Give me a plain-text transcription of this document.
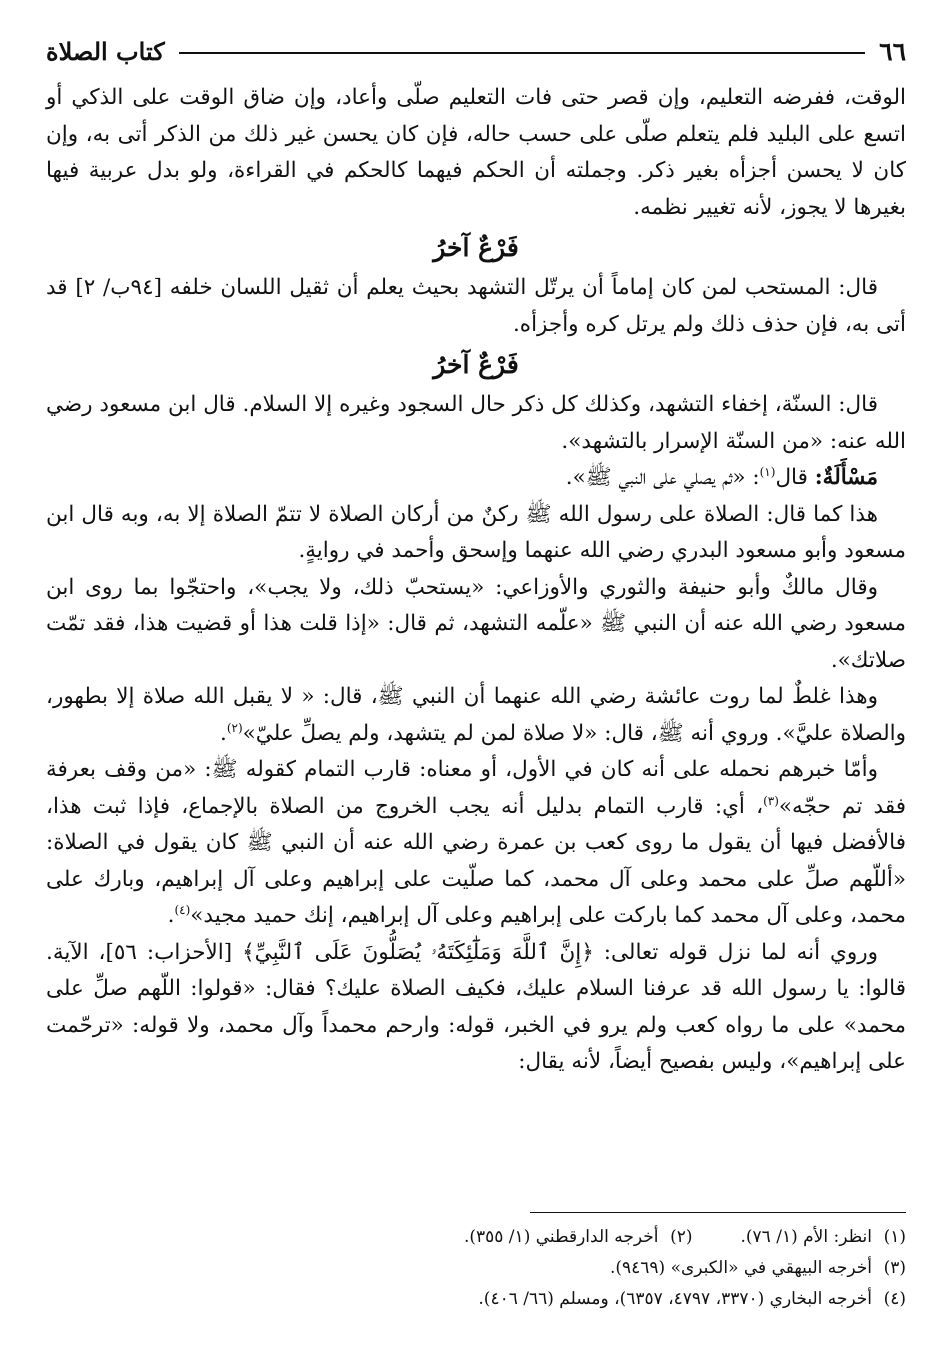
٦٦
كتاب الصلاة

الوقت، ففرضه التعليم، وإن قصر حتى فات التعليم صلّى وأعاد، وإن ضاق الوقت على الذكي أو اتسع على البليد فلم يتعلم صلّى على حسب حاله، فإن كان يحسن غير ذلك من الذكر أتى به، وإن كان لا يحسن أجزأه بغير ذكر. وجملته أن الحكم فيهما كالحكم في القراءة، ولو بدل عربية فيها بغيرها لا يجوز، لأنه تغيير نظمه.

فَرْعٌ آخرُ

قال: المستحب لمن كان إماماً أن يرتّل التشهد بحيث يعلم أن ثقيل اللسان خلفه [٩٤ب/ ٢] قد أتى به، فإن حذف ذلك ولم يرتل كره وأجزأه.

فَرْعٌ آخرُ

قال: السنّة، إخفاء التشهد، وكذلك كل ذكر حال السجود وغيره إلا السلام. قال ابن مسعود رضي الله عنه: «من السنّة الإسرار بالتشهد».

مَسْأَلَةٌ: قال$^{(١)}$: «ثم يصلي على النبي ﷺ».

هذا كما قال: الصلاة على رسول الله ﷺ ركنٌ من أركان الصلاة لا تتمّ الصلاة إلا به، وبه قال ابن مسعود وأبو مسعود البدري رضي الله عنهما وإسحق وأحمد في روايةٍ.

وقال مالكٌ وأبو حنيفة والثوري والأوزاعي: «يستحبّ ذلك، ولا يجب»، واحتجّوا بما روى ابن مسعود رضي الله عنه أن النبي ﷺ «علّمه التشهد، ثم قال: «إذا قلت هذا أو قضيت هذا، فقد تمّت صلاتك».

وهذا غلطٌ لما روت عائشة رضي الله عنهما أن النبي ﷺ، قال: « لا يقبل الله صلاة إلا بطهور، والصلاة عليَّ». وروي أنه ﷺ، قال: «لا صلاة لمن لم يتشهد، ولم يصلِّ عليّ»$^{(٢)}$.

وأمّا خبرهم نحمله على أنه كان في الأول، أو معناه: قارب التمام كقوله ﷺ: «من وقف بعرفة فقد تم حجّه»$^{(٣)}$، أي: قارب التمام بدليل أنه يجب الخروج من الصلاة بالإجماع، فإذا ثبت هذا، فالأفضل فيها أن يقول ما روى كعب بن عمرة رضي الله عنه أن النبي ﷺ كان يقول في الصلاة: «أللّهم صلِّ على محمد وعلى آل محمد، كما صلّيت على إبراهيم وعلى آل إبراهيم، وبارك على محمد، وعلى آل محمد كما باركت على إبراهيم وعلى آل إبراهيم، إنك حميد مجيد»$^{(٤)}$.

وروي أنه لما نزل قوله تعالى: ﴿إِنَّ ٱللَّهَ وَمَلَٰٓئِكَتَهُۥ يُصَلُّونَ عَلَى ٱلنَّبِيِّ﴾ [الأحزاب: ٥٦]، الآية. قالوا: يا رسول الله قد عرفنا السلام عليك، فكيف الصلاة عليك؟ فقال: «قولوا: اللّهم صلِّ على محمد» على ما رواه كعب ولم يرو في الخبر، قوله: وارحم محمداً وآل محمد، ولا قوله: «ترحّمت على إبراهيم»، وليس بفصيح أيضاً، لأنه يقال:

(١)انظر: الأم (١/ ٧٦).
(٢)أخرجه الدارقطني (١/ ٣٥٥).
(٣)أخرجه البيهقي في «الكبرى» (٩٤٦٩).
(٤)أخرجه البخاري (٣٣٧٠، ٤٧٩٧، ٦٣٥٧)، ومسلم (٦٦/ ٤٠٦).
